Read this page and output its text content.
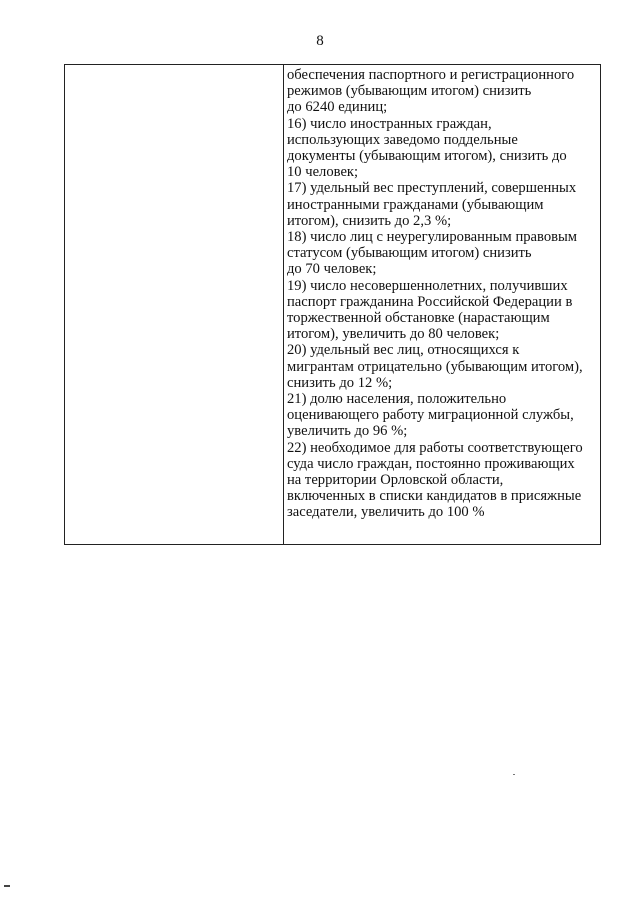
8
обеспечения паспортного и регистрационного
режимов (убывающим итогом) снизить
до 6240 единиц;
16) число иностранных граждан,
использующих заведомо поддельные
документы (убывающим итогом), снизить до
10 человек;
17) удельный вес преступлений, совершенных
иностранными гражданами (убывающим
итогом), снизить до 2,3 %;
18) число лиц с неурегулированным правовым
статусом (убывающим итогом) снизить
до 70 человек;
19) число несовершеннолетних, получивших
паспорт гражданина Российской Федерации в
торжественной обстановке (нарастающим
итогом), увеличить до 80 человек;
20) удельный вес лиц, относящихся к
мигрантам отрицательно (убывающим итогом),
снизить до 12 %;
21) долю населения, положительно
оценивающего работу миграционной службы,
увеличить до 96 %;
22) необходимое для работы соответствующего
суда число граждан, постоянно проживающих
на территории Орловской области,
включенных в списки кандидатов в присяжные
заседатели, увеличить до 100 %
